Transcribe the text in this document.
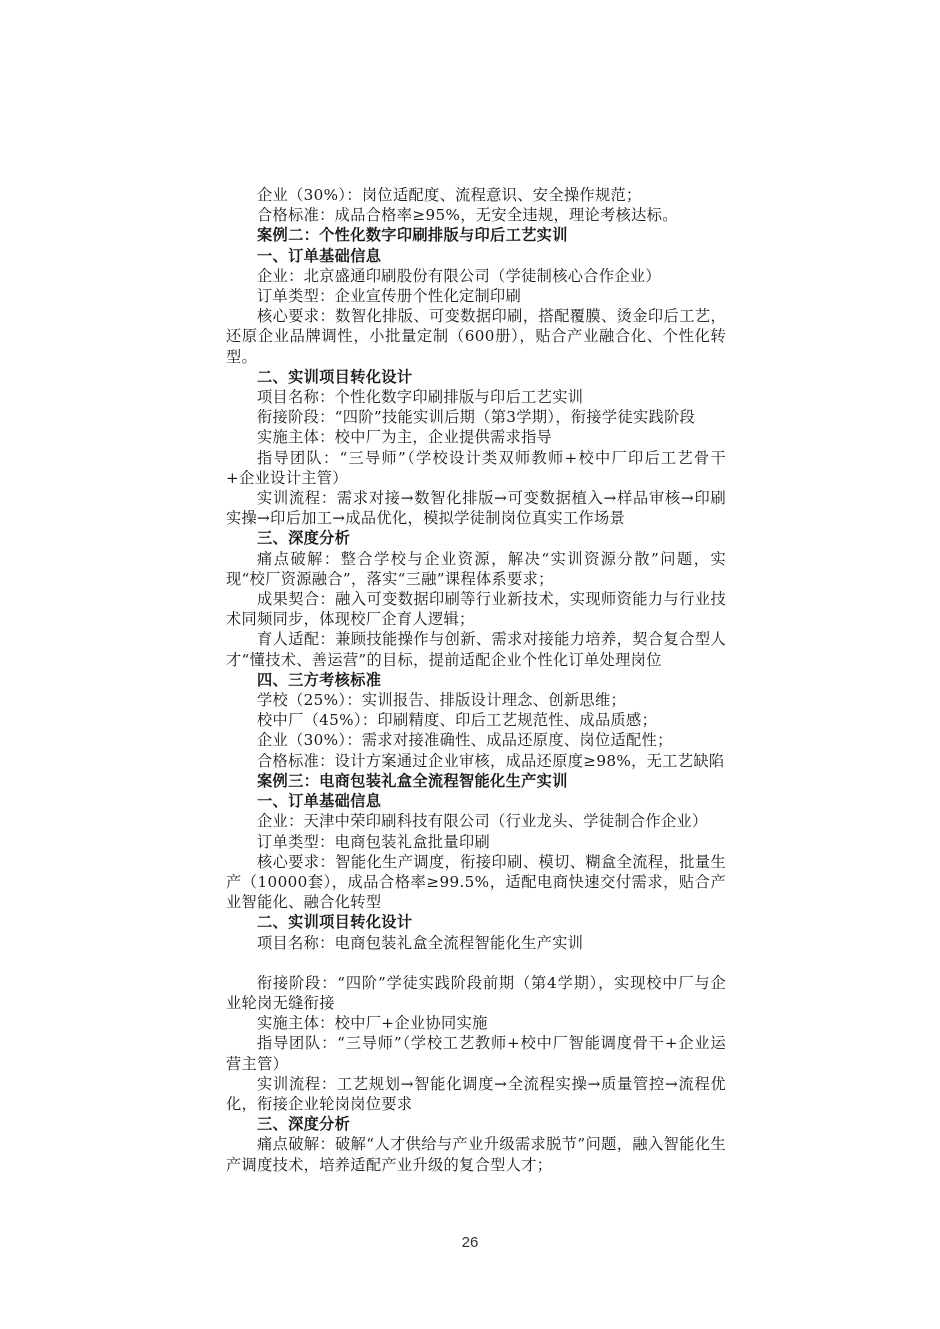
企业（30%）：岗位适配度、流程意识、安全操作规范；

合格标准：成品合格率≥95%，无安全违规，理论考核达标。

案例二：个性化数字印刷排版与印后工艺实训

一、订单基础信息

企业：北京盛通印刷股份有限公司（学徒制核心合作企业）

订单类型：企业宣传册个性化定制印刷

核心要求：数智化排版、可变数据印刷，搭配覆膜、烫金印后工艺，还原企业品牌调性，小批量定制（600册），贴合产业融合化、个性化转型。

二、实训项目转化设计

项目名称：个性化数字印刷排版与印后工艺实训

衔接阶段：“四阶”技能实训后期（第3学期），衔接学徒实践阶段

实施主体：校中厂为主，企业提供需求指导

指导团队：“三导师”（学校设计类双师教师+校中厂印后工艺骨干+企业设计主管）

实训流程：需求对接→数智化排版→可变数据植入→样品审核→印刷实操→印后加工→成品优化，模拟学徒制岗位真实工作场景

三、深度分析

痛点破解：整合学校与企业资源，解决“实训资源分散”问题，实现“校厂资源融合”，落实“三融”课程体系要求；

成果契合：融入可变数据印刷等行业新技术，实现师资能力与行业技术同频同步，体现校厂企育人逻辑；

育人适配：兼顾技能操作与创新、需求对接能力培养，契合复合型人才“懂技术、善运营”的目标，提前适配企业个性化订单处理岗位

四、三方考核标准

学校（25%）：实训报告、排版设计理念、创新思维；

校中厂（45%）：印刷精度、印后工艺规范性、成品质感；

企业（30%）：需求对接准确性、成品还原度、岗位适配性；

合格标准：设计方案通过企业审核，成品还原度≥98%，无工艺缺陷

案例三：电商包装礼盒全流程智能化生产实训

一、订单基础信息

企业：天津中荣印刷科技有限公司（行业龙头、学徒制合作企业）

订单类型：电商包装礼盒批量印刷

核心要求：智能化生产调度，衔接印刷、模切、糊盒全流程，批量生产（10000套），成品合格率≥99.5%，适配电商快速交付需求，贴合产业智能化、融合化转型

二、实训项目转化设计

项目名称：电商包装礼盒全流程智能化生产实训

衔接阶段：“四阶”学徒实践阶段前期（第4学期），实现校中厂与企业轮岗无缝衔接

实施主体：校中厂+企业协同实施

指导团队：“三导师”（学校工艺教师+校中厂智能调度骨干+企业运营主管）

实训流程：工艺规划→智能化调度→全流程实操→质量管控→流程优化，衔接企业轮岗岗位要求

三、深度分析

痛点破解：破解“人才供给与产业升级需求脱节”问题，融入智能化生产调度技术，培养适配产业升级的复合型人才；

26
